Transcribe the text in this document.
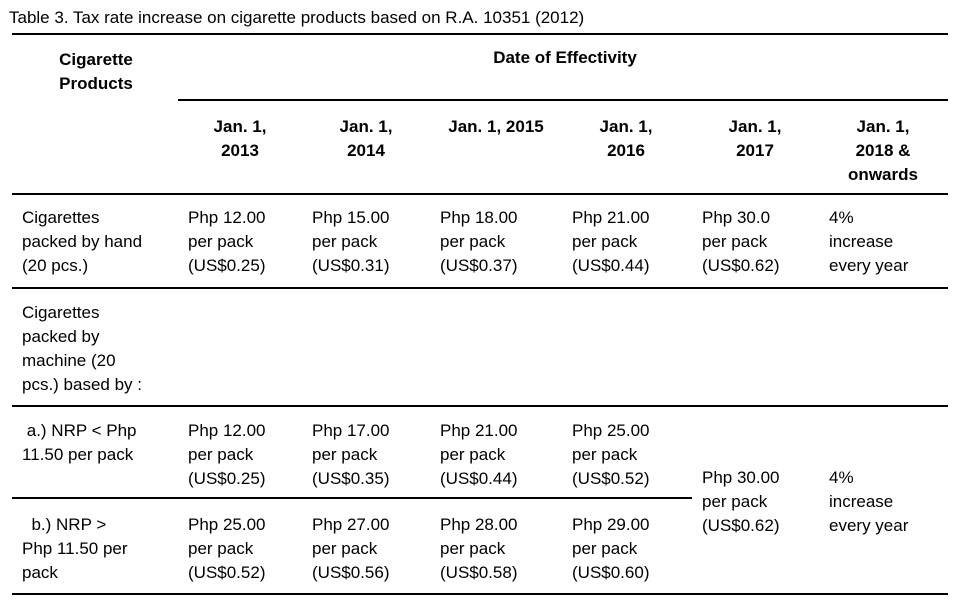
Table 3. Tax rate increase on cigarette products based on R.A. 10351 (2012)
Cigarette
Products
Date of Effectivity
Jan. 1,
2013
Jan. 1,
2014
Jan. 1, 2015	Jan. 1,
2016
Jan. 1,
2017
Jan. 1,
2018 &
onwards
Cigarettes
packed by hand
(20 pcs.)
Php 12.00
per pack
(US$0.25)
Php 15.00
per pack
(US$0.31)
Php 18.00
per pack
(US$0.37)
Php 21.00
per pack
(US$0.44)
Php 30.0
per pack
(US$0.62)
4%
increase
every year
Cigarettes
packed by
machine (20
pcs.) based by :
a.) NRP < Php
11.50 per pack
Php 12.00
per pack
(US$0.25)
Php 17.00
per pack
(US$0.35)
Php 21.00
per pack
(US$0.44)
Php 25.00
per pack
(US$0.52)
b.) NRP >
Php 11.50 per
pack
Php 25.00
per pack
(US$0.52)
Php 27.00
per pack
(US$0.56)
Php 28.00
per pack
(US$0.58)
Php 29.00
per pack
(US$0.60)
Php 30.00
per pack
(US$0.62)
4%
increase
every year
